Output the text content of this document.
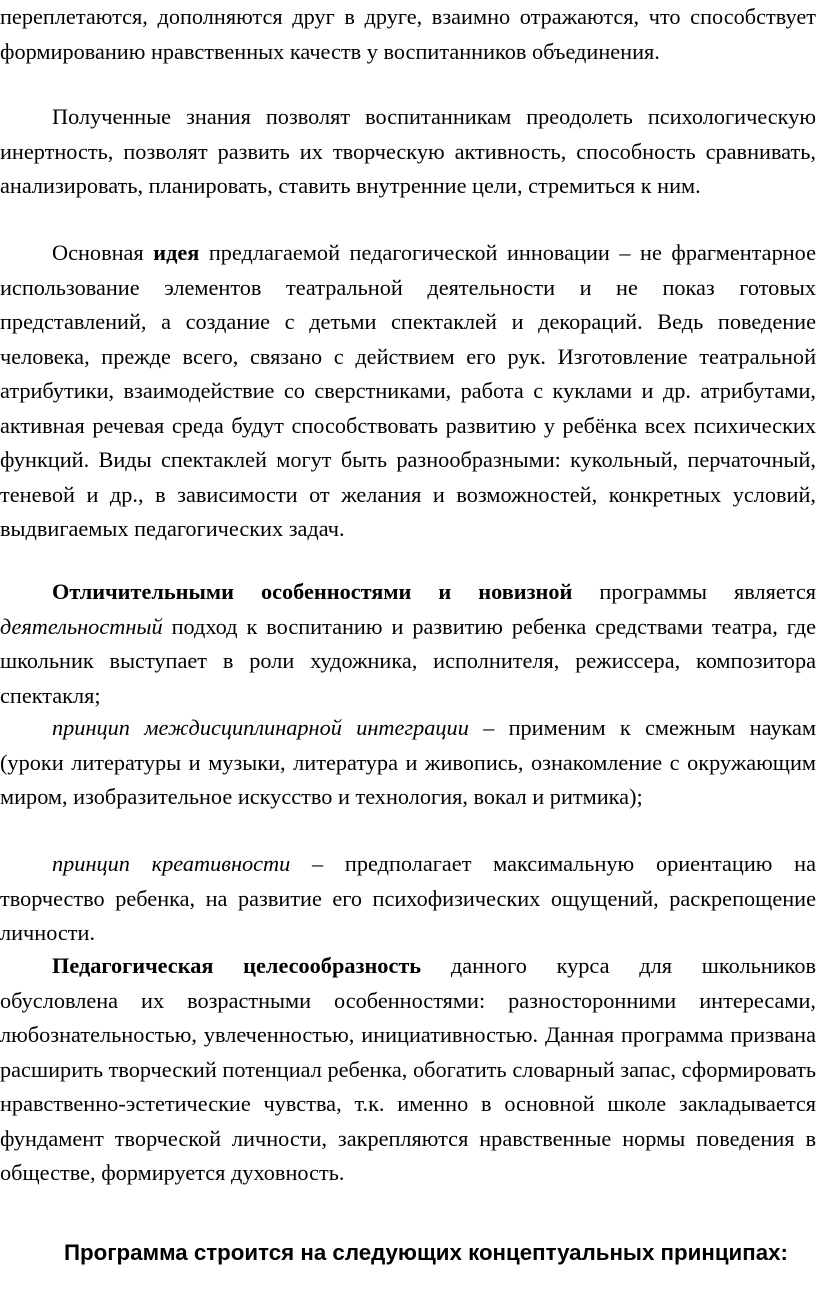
переплетаются, дополняются друг в друге, взаимно отражаются, что способствует формированию нравственных качеств у воспитанников объединения.

Полученные знания позволят воспитанникам преодолеть психологическую инертность, позволят развить их творческую активность, способность сравнивать, анализировать, планировать, ставить внутренние цели, стремиться к ним.

Основная идея предлагаемой педагогической инновации – не фрагментарное использование элементов театральной деятельности и не показ готовых представлений, а создание с детьми спектаклей и декораций. Ведь поведение человека, прежде всего, связано с действием его рук. Изготовление театральной атрибутики, взаимодействие со сверстниками, работа с куклами и др. атрибутами, активная речевая среда будут способствовать развитию у ребёнка всех психических функций. Виды спектаклей могут быть разнообразными: кукольный, перчаточный, теневой и др., в зависимости от желания и возможностей, конкретных условий, выдвигаемых педагогических задач.

Отличительными особенностями и новизной программы является деятельностный подход к воспитанию и развитию ребенка средствами театра, где школьник выступает в роли художника, исполнителя, режиссера, композитора спектакля;

принцип междисциплинарной интеграции – применим к смежным наукам (уроки литературы и музыки, литература и живопись, ознакомление с окружающим миром, изобразительное искусство и технология, вокал и ритмика);

принцип креативности – предполагает максимальную ориентацию на творчество ребенка, на развитие его психофизических ощущений, раскрепощение личности.

Педагогическая целесообразность данного курса для школьников обусловлена их возрастными особенностями: разносторонними интересами, любознательностью, увлеченностью, инициативностью. Данная программа призвана расширить творческий потенциал ребенка, обогатить словарный запас, сформировать нравственно-эстетические чувства, т.к. именно в основной школе закладывается фундамент творческой личности, закрепляются нравственные нормы поведения в обществе, формируется духовность.

Программа строится на следующих концептуальных принципах:
